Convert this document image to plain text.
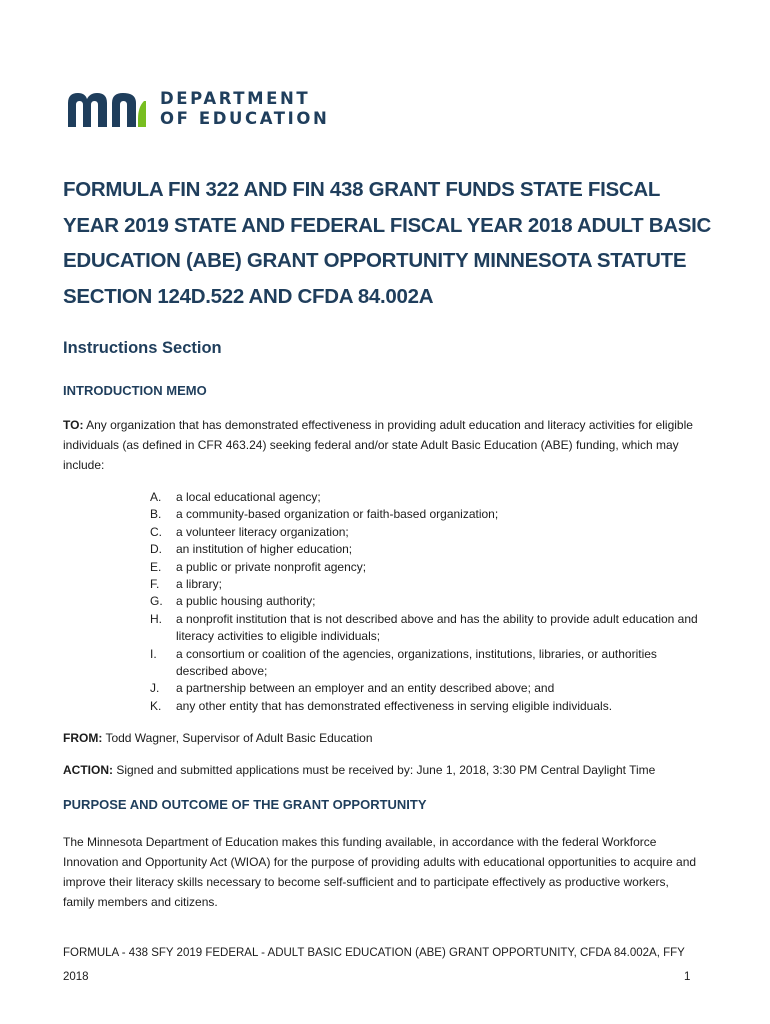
DEPARTMENT
OF EDUCATION
FORMULA FIN 322 AND FIN 438 GRANT FUNDS STATE FISCAL YEAR 2019 STATE AND FEDERAL FISCAL YEAR 2018 ADULT BASIC EDUCATION (ABE) GRANT OPPORTUNITY MINNESOTA STATUTE SECTION 124D.522 AND CFDA 84.002A
Instructions Section
INTRODUCTION MEMO

TO: Any organization that has demonstrated effectiveness in providing adult education and literacy activities for eligible individuals (as defined in CFR 463.24) seeking federal and/or state Adult Basic Education (ABE) funding, which may include:

A. a local educational agency;
B. a community-based organization or faith-based organization;
C. a volunteer literacy organization;
D. an institution of higher education;
E. a public or private nonprofit agency;
F. a library;
G. a public housing authority;
H. a nonprofit institution that is not described above and has the ability to provide adult education and literacy activities to eligible individuals;
I. a consortium or coalition of the agencies, organizations, institutions, libraries, or authorities described above;
J. a partnership between an employer and an entity described above; and
K. any other entity that has demonstrated effectiveness in serving eligible individuals.

FROM: Todd Wagner, Supervisor of Adult Basic Education

ACTION: Signed and submitted applications must be received by: June 1, 2018, 3:30 PM Central Daylight Time

PURPOSE AND OUTCOME OF THE GRANT OPPORTUNITY

The Minnesota Department of Education makes this funding available, in accordance with the federal Workforce Innovation and Opportunity Act (WIOA) for the purpose of providing adults with educational opportunities to acquire and improve their literacy skills necessary to become self-sufficient and to participate effectively as productive workers, family members and citizens.

FORMULA - 438 SFY 2019 FEDERAL - ADULT BASIC EDUCATION (ABE) GRANT OPPORTUNITY, CFDA 84.002A, FFY 2018	1
